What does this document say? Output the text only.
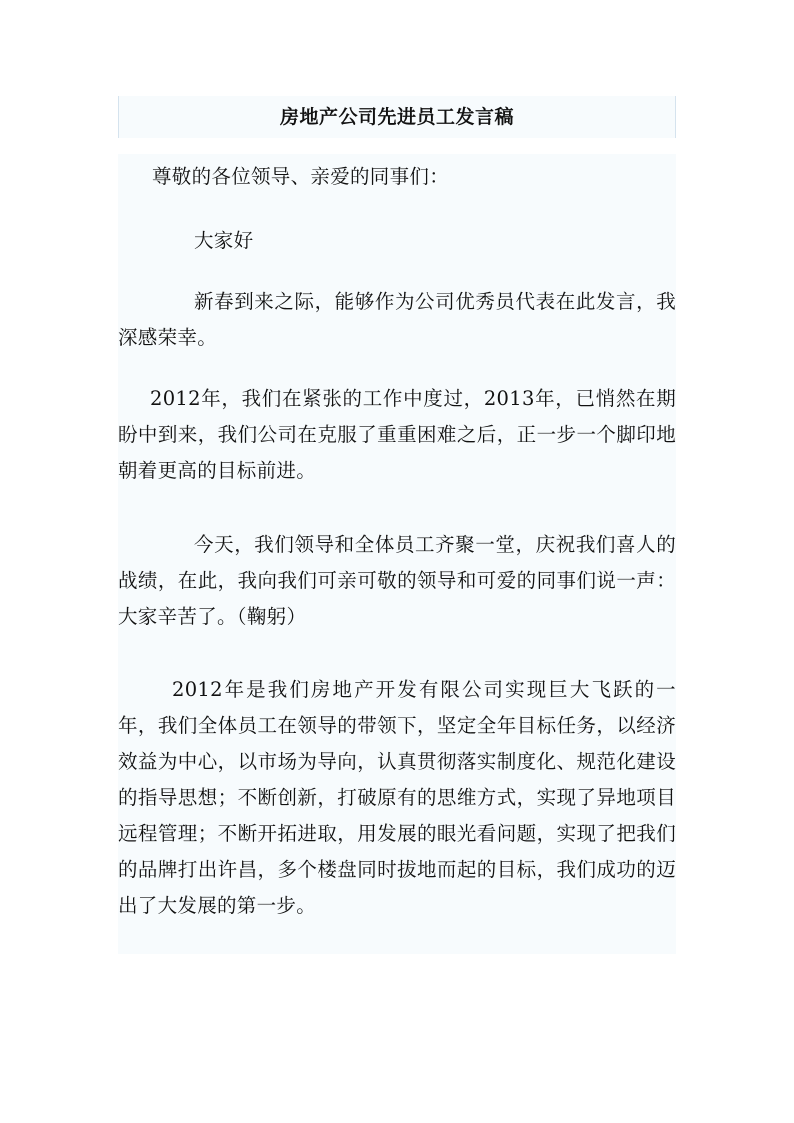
房地产公司先进员工发言稿

尊敬的各位领导、亲爱的同事们：

大家好

新春到来之际，能够作为公司优秀员代表在此发言，我深感荣幸。

2012年，我们在紧张的工作中度过，2013年，已悄然在期盼中到来，我们公司在克服了重重困难之后，正一步一个脚印地朝着更高的目标前进。

今天，我们领导和全体员工齐聚一堂，庆祝我们喜人的战绩，在此，我向我们可亲可敬的领导和可爱的同事们说一声：大家辛苦了。（鞠躬）

2012年是我们房地产开发有限公司实现巨大飞跃的一年，我们全体员工在领导的带领下，坚定全年目标任务，以经济效益为中心，以市场为导向，认真贯彻落实制度化、规范化建设的指导思想；不断创新，打破原有的思维方式，实现了异地项目远程管理；不断开拓进取，用发展的眼光看问题，实现了把我们的品牌打出许昌，多个楼盘同时拔地而起的目标，我们成功的迈出了大发展的第一步。
